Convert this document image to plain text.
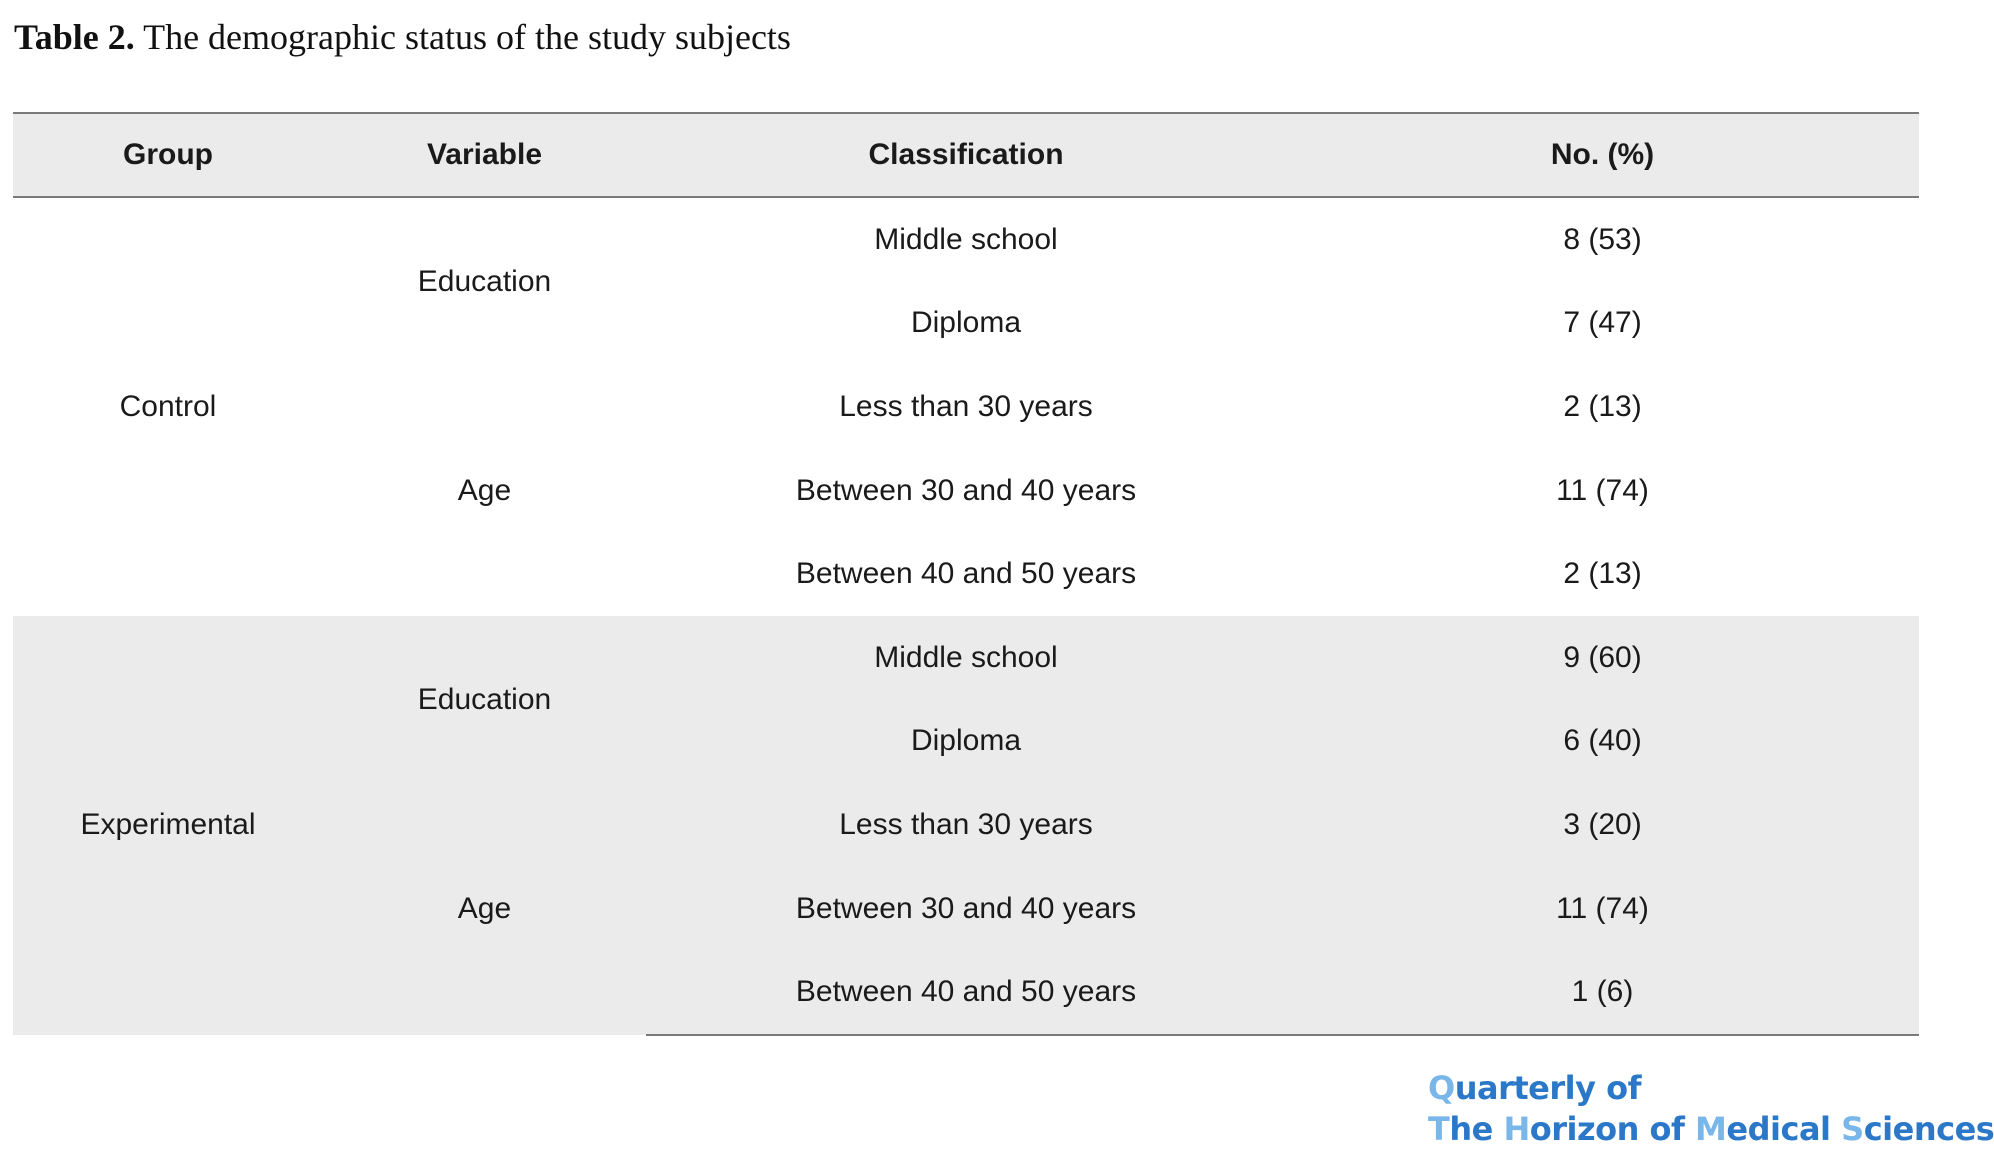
Table 2. The demographic status of the study subjects
Group	Variable	Classification	No. (%)
Control	Education	Middle school	8 (53)
		Diploma	7 (47)
	Age	Less than 30 years	2 (13)
		Between 30 and 40 years	11 (74)
		Between 40 and 50 years	2 (13)
Experimental	Education	Middle school	9 (60)
		Diploma	6 (40)
	Age	Less than 30 years	3 (20)
		Between 30 and 40 years	11 (74)
		Between 40 and 50 years	1 (6)
Quarterly of
The Horizon of Medical Sciences
